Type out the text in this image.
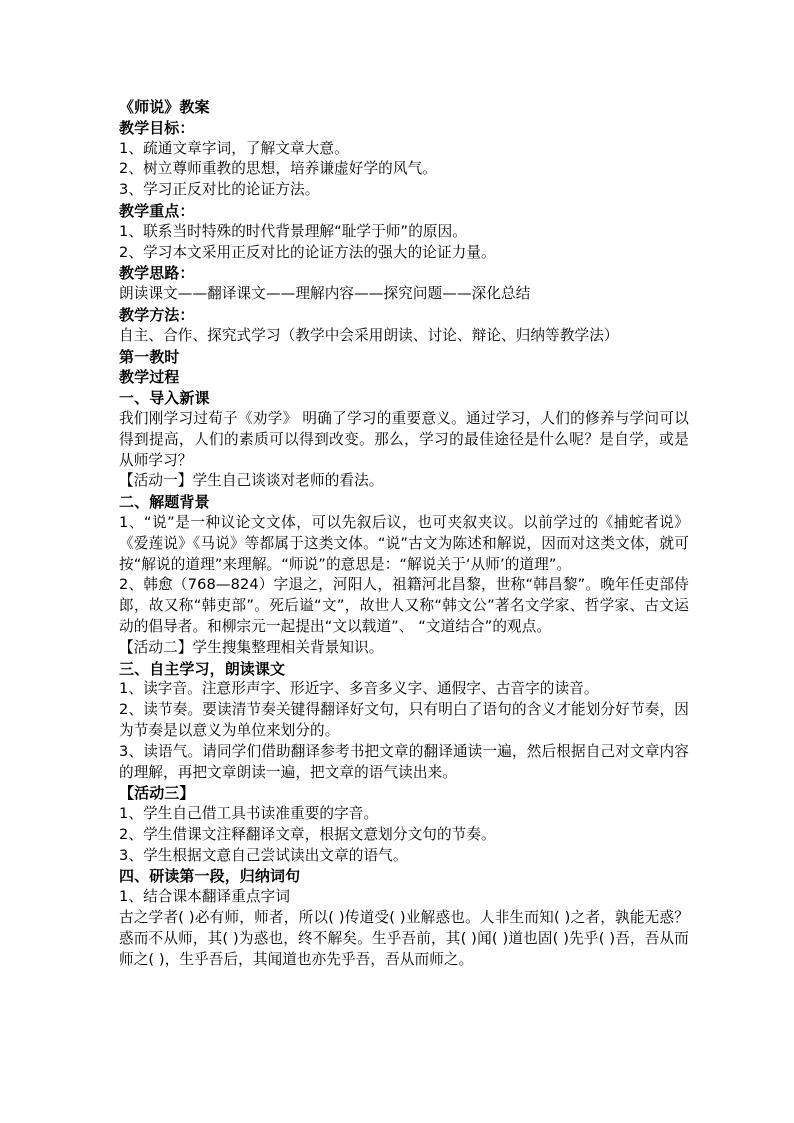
《师说》教案
教学目标：
1、疏通文章字词，了解文章大意。
2、树立尊师重教的思想，培养谦虚好学的风气。
3、学习正反对比的论证方法。
教学重点：
1、联系当时特殊的时代背景理解“耻学于师”的原因。
2、学习本文采用正反对比的论证方法的强大的论证力量。
教学思路：
朗读课文——翻译课文——理解内容——探究问题——深化总结
教学方法：
自主、合作、探究式学习（教学中会采用朗读、讨论、辩论、归纳等教学法）
第一教时
教学过程
一、导入新课
我们刚学习过荀子《劝学》 明确了学习的重要意义。通过学习，人们的修养与学问可以得到提高，人们的素质可以得到改变。那么，学习的最佳途径是什么呢？是自学，或是从师学习？
【活动一】学生自己谈谈对老师的看法。
二、解题背景
1、“说”是一种议论文文体，可以先叙后议，也可夹叙夹议。以前学过的《捕蛇者说》《爱莲说》《马说》等都属于这类文体。“说”古文为陈述和解说，因而对这类文体，就可按“解说的道理”来理解。“师说”的意思是：“解说关于‘从师’的道理”。
2、韩愈（768—824）字退之，河阳人，祖籍河北昌黎，世称“韩昌黎”。晚年任吏部侍郎，故又称“韩吏部”。死后谥“文”，故世人又称“韩文公”著名文学家、哲学家、古文运动的倡导者。和柳宗元一起提出“文以载道”、 “文道结合”的观点。
【活动二】学生搜集整理相关背景知识。
三、自主学习，朗读课文
1、读字音。注意形声字、形近字、多音多义字、通假字、古音字的读音。
2、读节奏。要读清节奏关键得翻译好文句，只有明白了语句的含义才能划分好节奏，因为节奏是以意义为单位来划分的。
3、读语气。请同学们借助翻译参考书把文章的翻译通读一遍，然后根据自己对文章内容的理解，再把文章朗读一遍，把文章的语气读出来。
【活动三】
1、学生自己借工具书读准重要的字音。
2、学生借课文注释翻译文章，根据文意划分文句的节奏。
3、学生根据文意自己尝试读出文章的语气。
四、研读第一段，归纳词句
1、结合课本翻译重点字词
古之学者( )必有师，师者，所以( )传道受( )业解惑也。人非生而知( )之者，孰能无惑？惑而不从师，其( )为惑也，终不解矣。生乎吾前，其( )闻( )道也固( )先乎( )吾，吾从而师之( )，生乎吾后，其闻道也亦先乎吾，吾从而师之。
